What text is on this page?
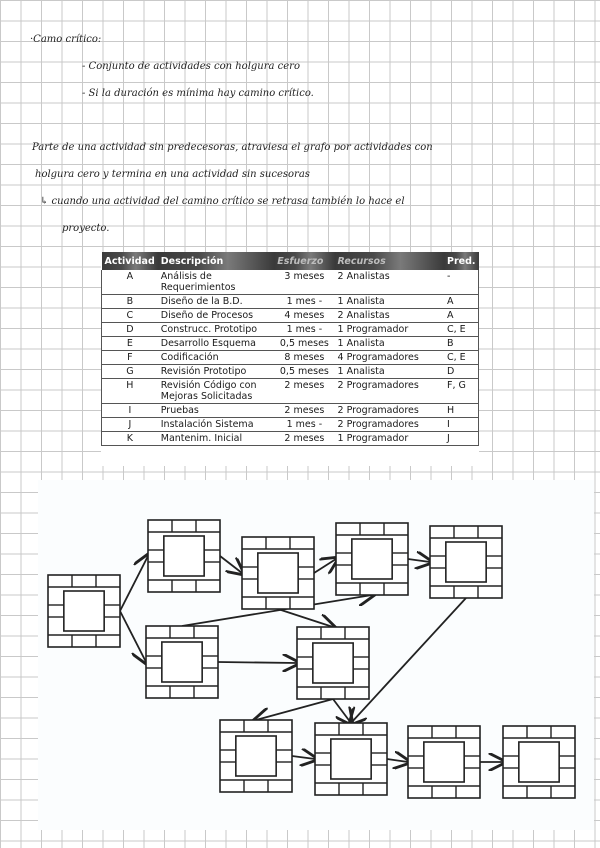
·Camo crítico:
- Conjunto de actividades con holgura cero
- Si la duración es mínima hay camino crítico.
Parte de una actividad sin predecesoras, atraviesa el grafo por actividades con
holgura cero y termina en una actividad sin sucesoras
↳ cuando una actividad del camino crítico se retrasa también lo hace el
proyecto.
Actividad	Descripción	Esfuerzo	Recursos	Pred.
A	Análisis de Requerimientos	3 meses	2 Analistas	-
B	Diseño de la B.D.	1 mes -	1 Analista	A
C	Diseño de Procesos	4 meses	2 Analistas	A
D	Construcc. Prototipo	1 mes -	1 Programador	C, E
E	Desarrollo Esquema	0,5 meses	1 Analista	B
F	Codificación	8 meses	4 Programadores	C, E
G	Revisión Prototipo	0,5 meses	1 Analista	D
H	Revisión Código con Mejoras Solicitadas	2 meses	2 Programadores	F, G
I	Pruebas	2 meses	2 Programadores	H
J	Instalación Sistema	1 mes -	2 Programadores	I
K	Mantenim. Inicial	2 meses	1 Programador	J
